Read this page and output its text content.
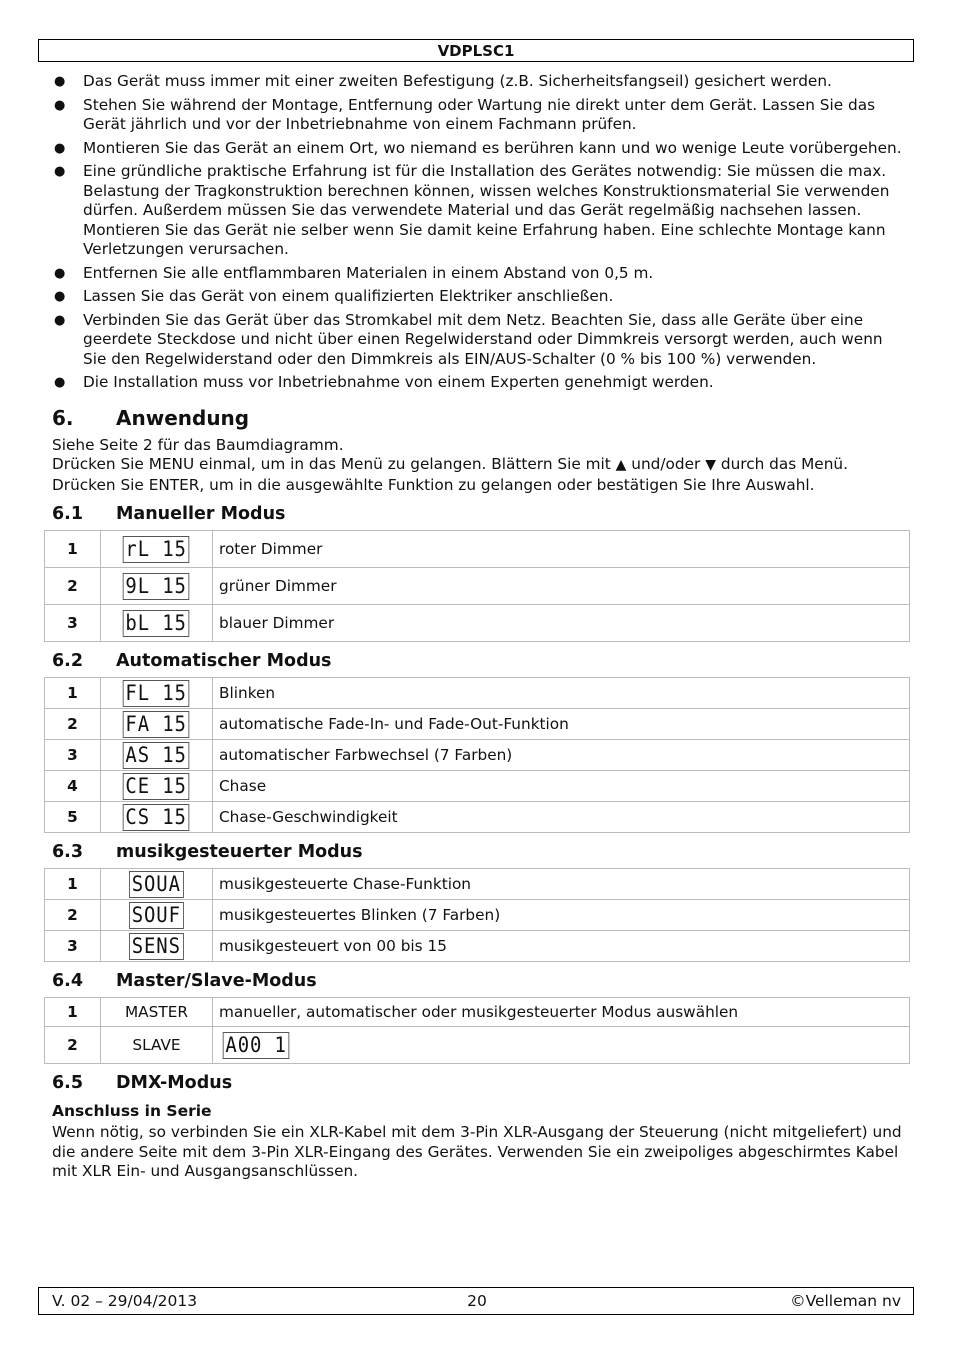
VDPLSC1
● Das Gerät muss immer mit einer zweiten Befestigung (z.B. Sicherheitsfangseil) gesichert werden.
● Stehen Sie während der Montage, Entfernung oder Wartung nie direkt unter dem Gerät. Lassen Sie das Gerät jährlich und vor der Inbetriebnahme von einem Fachmann prüfen.
● Montieren Sie das Gerät an einem Ort, wo niemand es berühren kann und wo wenige Leute vorübergehen.
● Eine gründliche praktische Erfahrung ist für die Installation des Gerätes notwendig: Sie müssen die max. Belastung der Tragkonstruktion berechnen können, wissen welches Konstruktionsmaterial Sie verwenden dürfen. Außerdem müssen Sie das verwendete Material und das Gerät regelmäßig nachsehen lassen. Montieren Sie das Gerät nie selber wenn Sie damit keine Erfahrung haben. Eine schlechte Montage kann Verletzungen verursachen.
● Entfernen Sie alle entflammbaren Materialen in einem Abstand von 0,5 m.
● Lassen Sie das Gerät von einem qualifizierten Elektriker anschließen.
● Verbinden Sie das Gerät über das Stromkabel mit dem Netz. Beachten Sie, dass alle Geräte über eine geerdete Steckdose und nicht über einen Regelwiderstand oder Dimmkreis versorgt werden, auch wenn Sie den Regelwiderstand oder den Dimmkreis als EIN/AUS-Schalter (0 % bis 100 %) verwenden.
● Die Installation muss vor Inbetriebnahme von einem Experten genehmigt werden.
6. Anwendung

Siehe Seite 2 für das Baumdiagramm.

Drücken Sie MENU einmal, um in das Menü zu gelangen. Blättern Sie mit ▲ und/oder ▼ durch das Menü. Drücken Sie ENTER, um in die ausgewählte Funktion zu gelangen oder bestätigen Sie Ihre Auswahl.

6.1 Manueller Modus
1	rL 15	roter Dimmer
2	9L 15	grüner Dimmer
3	bL 15	blauer Dimmer
6.2 Automatischer Modus
1	FL 15	Blinken
2	FA 15	automatische Fade-In- und Fade-Out-Funktion
3	AS 15	automatischer Farbwechsel (7 Farben)
4	CE 15	Chase
5	CS 15	Chase-Geschwindigkeit
6.3 musikgesteuerter Modus
1	SOUA	musikgesteuerte Chase-Funktion
2	SOUF	musikgesteuertes Blinken (7 Farben)
3	SENS	musikgesteuert von 00 bis 15
6.4 Master/Slave-Modus
1	MASTER	manueller, automatischer oder musikgesteuerter Modus auswählen
2	SLAVE	A00 1
6.5 DMX-Modus
Anschluss in Serie

Wenn nötig, so verbinden Sie ein XLR-Kabel mit dem 3-Pin XLR-Ausgang der Steuerung (nicht mitgeliefert) und die andere Seite mit dem 3-Pin XLR-Eingang des Gerätes. Verwenden Sie ein zweipoliges abgeschirmtes Kabel mit XLR Ein- und Ausgangsanschlüssen.

V. 02 – 29/04/2013	20	©Velleman nv
